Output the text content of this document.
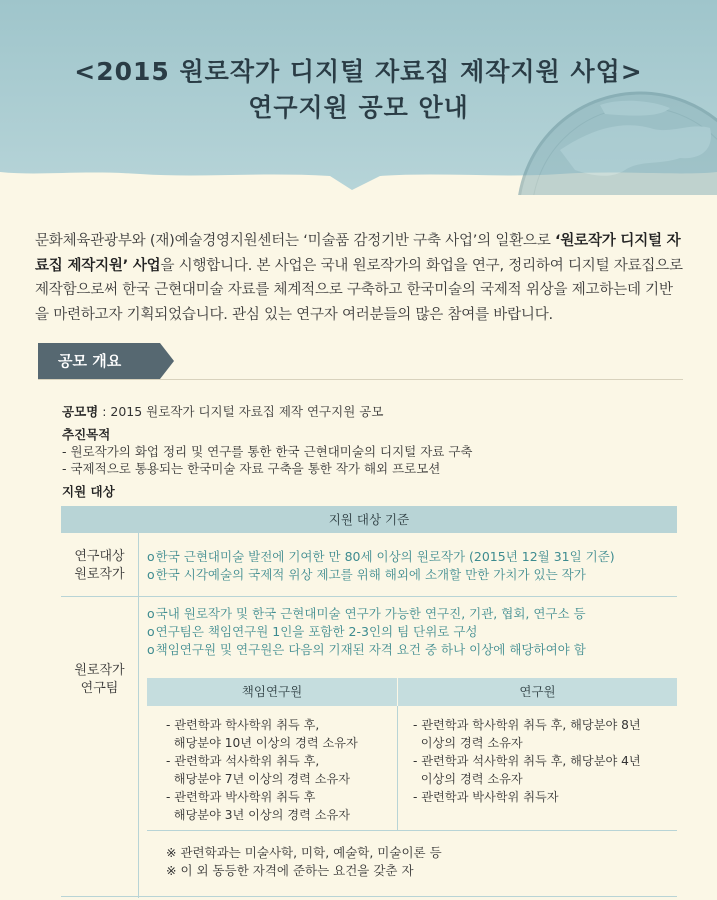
<2015 원로작가 디지털 자료집 제작지원 사업>
연구지원 공모 안내
문화체육관광부와 (재)예술경영지원센터는 ‘미술품 감정기반 구축 사업’의 일환으로 ‘원로작가 디지털 자료집 제작지원’ 사업을 시행합니다. 본 사업은 국내 원로작가의 화업을 연구, 정리하여 디지털 자료집으로 제작함으로써 한국 근현대미술 자료를 체계적으로 구축하고 한국미술의 국제적 위상을 제고하는데 기반을 마련하고자 기획되었습니다. 관심 있는 연구자 여러분들의 많은 참여를 바랍니다.
공모 개요
공모명 : 2015 원로작가 디지털 자료집 제작 연구지원 공모
추진목적
- 원로작가의 화업 정리 및 연구를 통한 한국 근현대미술의 디지털 자료 구축
- 국제적으로 통용되는 한국미술 자료 구축을 통한 작가 해외 프로모션
지원 대상
지원 대상 기준
연구대상
원로작가
o한국 근현대미술 발전에 기여한 만 80세 이상의 원로작가 (2015년 12월 31일 기준)
o한국 시각예술의 국제적 위상 제고를 위해 해외에 소개할 만한 가치가 있는 작가
원로작가
연구팀
o국내 원로작가 및 한국 근현대미술 연구가 가능한 연구진, 기관, 협회, 연구소 등
o연구팀은 책임연구원 1인을 포함한 2-3인의 팀 단위로 구성
o책임연구원 및 연구원은 다음의 기재된 자격 요건 중 하나 이상에 해당하여야 함
책임연구원	연구원
- 관련학과 학사학위 취득 후,
해당분야 10년 이상의 경력 소유자
- 관련학과 석사학위 취득 후,
해당분야 7년 이상의 경력 소유자
- 관련학과 박사학위 취득 후
해당분야 3년 이상의 경력 소유자
- 관련학과 학사학위 취득 후, 해당분야 8년
이상의 경력 소유자
- 관련학과 석사학위 취득 후, 해당분야 4년
이상의 경력 소유자
- 관련학과 박사학위 취득자
※ 관련학과는 미술사학, 미학, 예술학, 미술이론 등
※ 이 외 동등한 자격에 준하는 요건을 갖춘 자
